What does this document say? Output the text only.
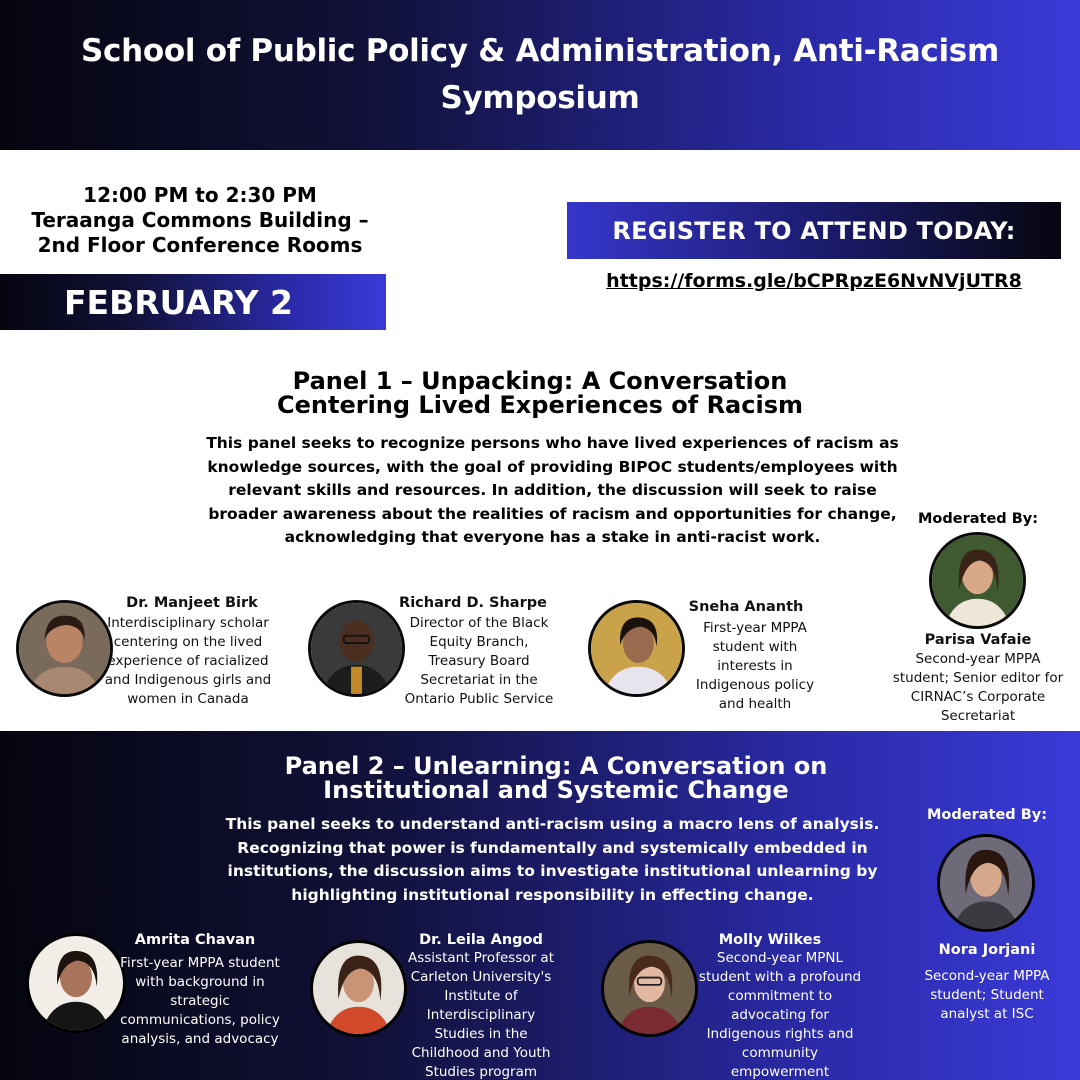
School of Public Policy & Administration, Anti-Racism Symposium
12:00 PM to 2:30 PM
Teraanga Commons Building –
2nd Floor Conference Rooms
FEBRUARY 2
REGISTER TO ATTEND TODAY:
https://forms.gle/bCPRpzE6NvNVjUTR8
Panel 1 – Unpacking: A Conversation
Centering Lived Experiences of Racism
This panel seeks to recognize persons who have lived experiences of racism as knowledge sources, with the goal of providing BIPOC students/employees with relevant skills and resources. In addition, the discussion will seek to raise broader awareness about the realities of racism and opportunities for change, acknowledging that everyone has a stake in anti-racist work.
Moderated By:
Dr. Manjeet Birk
Interdisciplinary scholar centering on the lived experience of racialized and Indigenous girls and women in Canada
Richard D. Sharpe
Director of the Black Equity Branch, Treasury Board Secretariat in the Ontario Public Service
Sneha Ananth
First-year MPPA student with interests in Indigenous policy and health
Parisa Vafaie
Second-year MPPA student; Senior editor for CIRNAC’s Corporate Secretariat
Panel 2 – Unlearning: A Conversation on
Institutional and Systemic Change
This panel seeks to understand anti-racism using a macro lens of analysis. Recognizing that power is fundamentally and systemically embedded in institutions, the discussion aims to investigate institutional unlearning by highlighting institutional responsibility in effecting change.
Moderated By:
Amrita Chavan
First-year MPPA student with background in strategic communications, policy analysis, and advocacy
Dr. Leila Angod
Assistant Professor at Carleton University's Institute of Interdisciplinary Studies in the Childhood and Youth Studies program
Molly Wilkes
Second-year MPNL student with a profound commitment to advocating for Indigenous rights and community empowerment
Nora Jorjani
Second-year MPPA student; Student analyst at ISC
